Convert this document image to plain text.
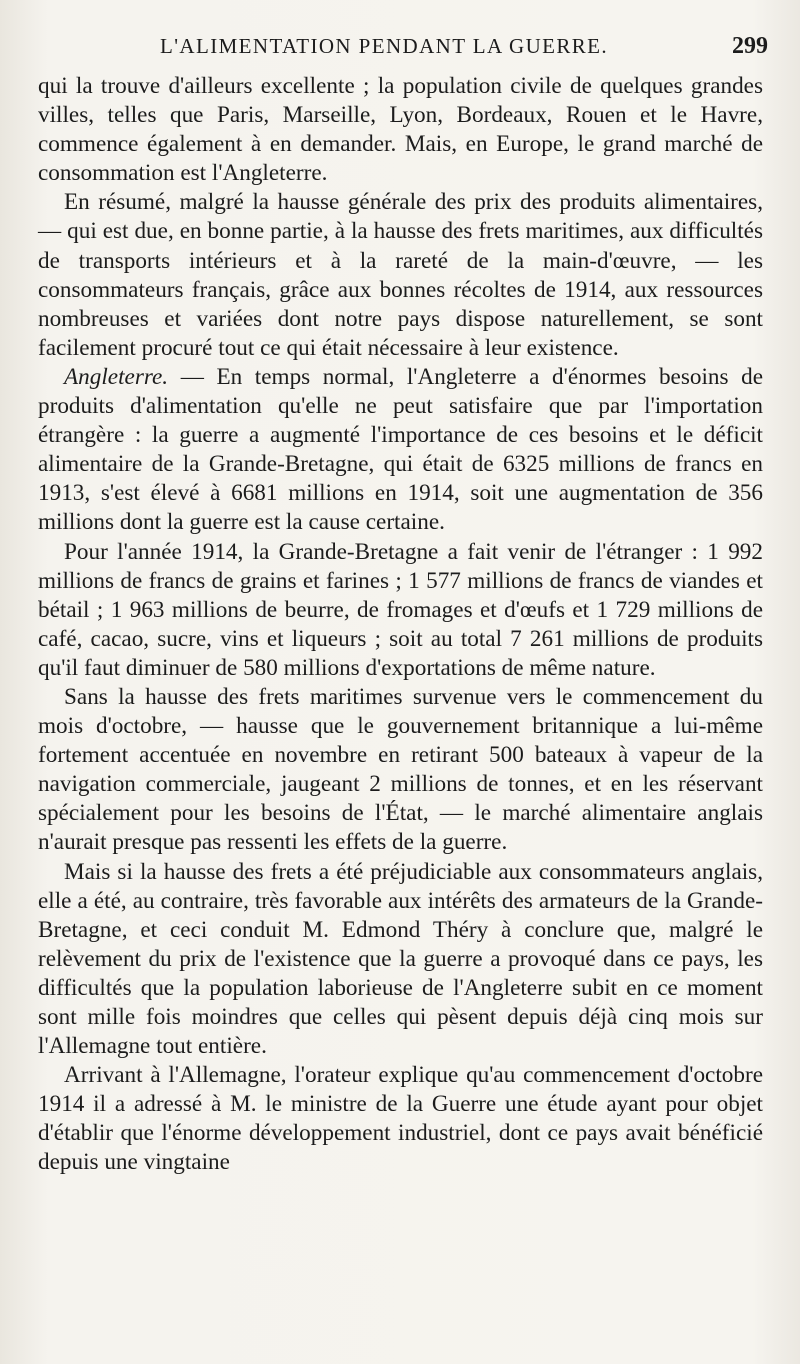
L'ALIMENTATION PENDANT LA GUERRE.	299

qui la trouve d'ailleurs excellente ; la population civile de quelques grandes villes, telles que Paris, Marseille, Lyon, Bordeaux, Rouen et le Havre, commence également à en demander. Mais, en Europe, le grand marché de consommation est l'Angleterre.

En résumé, malgré la hausse générale des prix des produits alimentaires, — qui est due, en bonne partie, à la hausse des frets maritimes, aux difficultés de transports intérieurs et à la rareté de la main-d'œuvre, — les consommateurs français, grâce aux bonnes récoltes de 1914, aux ressources nombreuses et variées dont notre pays dispose naturellement, se sont facilement procuré tout ce qui était nécessaire à leur existence.

Angleterre. — En temps normal, l'Angleterre a d'énormes besoins de produits d'alimentation qu'elle ne peut satisfaire que par l'importation étrangère : la guerre a augmenté l'importance de ces besoins et le déficit alimentaire de la Grande-Bretagne, qui était de 6325 millions de francs en 1913, s'est élevé à 6681 millions en 1914, soit une augmentation de 356 millions dont la guerre est la cause certaine.

Pour l'année 1914, la Grande-Bretagne a fait venir de l'étranger : 1 992 millions de francs de grains et farines ; 1 577 millions de francs de viandes et bétail ; 1 963 millions de beurre, de fromages et d'œufs et 1 729 millions de café, cacao, sucre, vins et liqueurs ; soit au total 7 261 millions de produits qu'il faut diminuer de 580 millions d'exportations de même nature.

Sans la hausse des frets maritimes survenue vers le commencement du mois d'octobre, — hausse que le gouvernement britannique a lui-même fortement accentuée en novembre en retirant 500 bateaux à vapeur de la navigation commerciale, jaugeant 2 millions de tonnes, et en les réservant spécialement pour les besoins de l'État, — le marché alimentaire anglais n'aurait presque pas ressenti les effets de la guerre.

Mais si la hausse des frets a été préjudiciable aux consommateurs anglais, elle a été, au contraire, très favorable aux intérêts des armateurs de la Grande-Bretagne, et ceci conduit M. Edmond Théry à conclure que, malgré le relèvement du prix de l'existence que la guerre a provoqué dans ce pays, les difficultés que la population laborieuse de l'Angleterre subit en ce moment sont mille fois moindres que celles qui pèsent depuis déjà cinq mois sur l'Allemagne tout entière.

Arrivant à l'Allemagne, l'orateur explique qu'au commencement d'octobre 1914 il a adressé à M. le ministre de la Guerre une étude ayant pour objet d'établir que l'énorme développement industriel, dont ce pays avait bénéficié depuis une vingtaine
